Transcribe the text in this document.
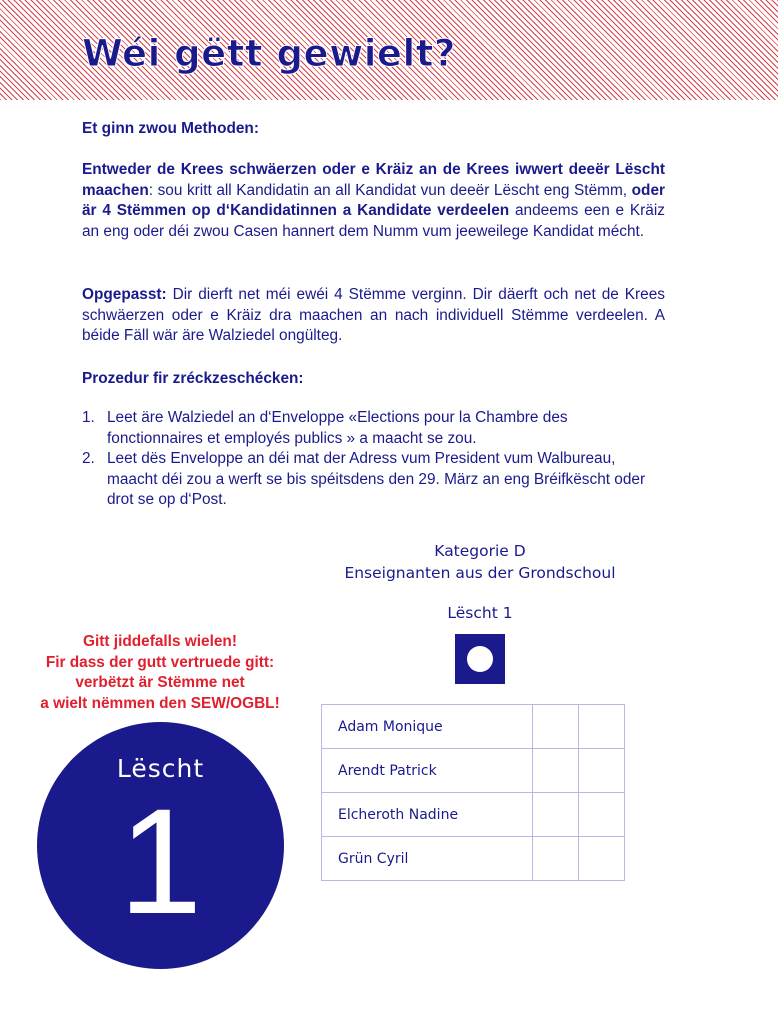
Wéi gëtt gewielt?

Et ginn zwou Methoden:

Entweder de Krees schwäerzen oder e Kräiz an de Krees iwwert deeër Lëscht maachen: sou kritt all Kandidatin an all Kandidat vun deeër Lëscht eng Stëmm, oder är 4 Stëmmen op d‘Kandidatinnen a Kandidate verdeelen andeems een e Kräiz an eng oder déi zwou Casen hannert dem Numm vum jeeweilege Kandidat mécht.

Opgepasst: Dir dierft net méi ewéi 4 Stëmme verginn. Dir däerft och net de Krees schwäerzen oder e Kräiz dra maachen an nach individuell Stëmme verdeelen. A béide Fäll wär äre Walziedel ongülteg.

Prozedur fir zréckzeschécken:

1. Leet äre Walziedel an d‘Enveloppe «Elections pour la Chambre des fonctionnaires et employés publics » a maacht se zou.
2. Leet dës Enveloppe an déi mat der Adress vum President vum Walbureau, maacht déi zou a werft se bis spéitsdens den 29. März an eng Bréifkëscht oder drot se op d‘Post.
Kategorie D
Enseignanten aus der Grondschoul
Lëscht 1
Gitt jiddefalls wielen!
Fir dass der gutt vertruede gitt:
verbëtzt är Stëmme net
a wielt nëmmen den SEW/OGBL!
Lëscht
1
Adam Monique		
Arendt Patrick		
Elcheroth Nadine		
Grün Cyril		
